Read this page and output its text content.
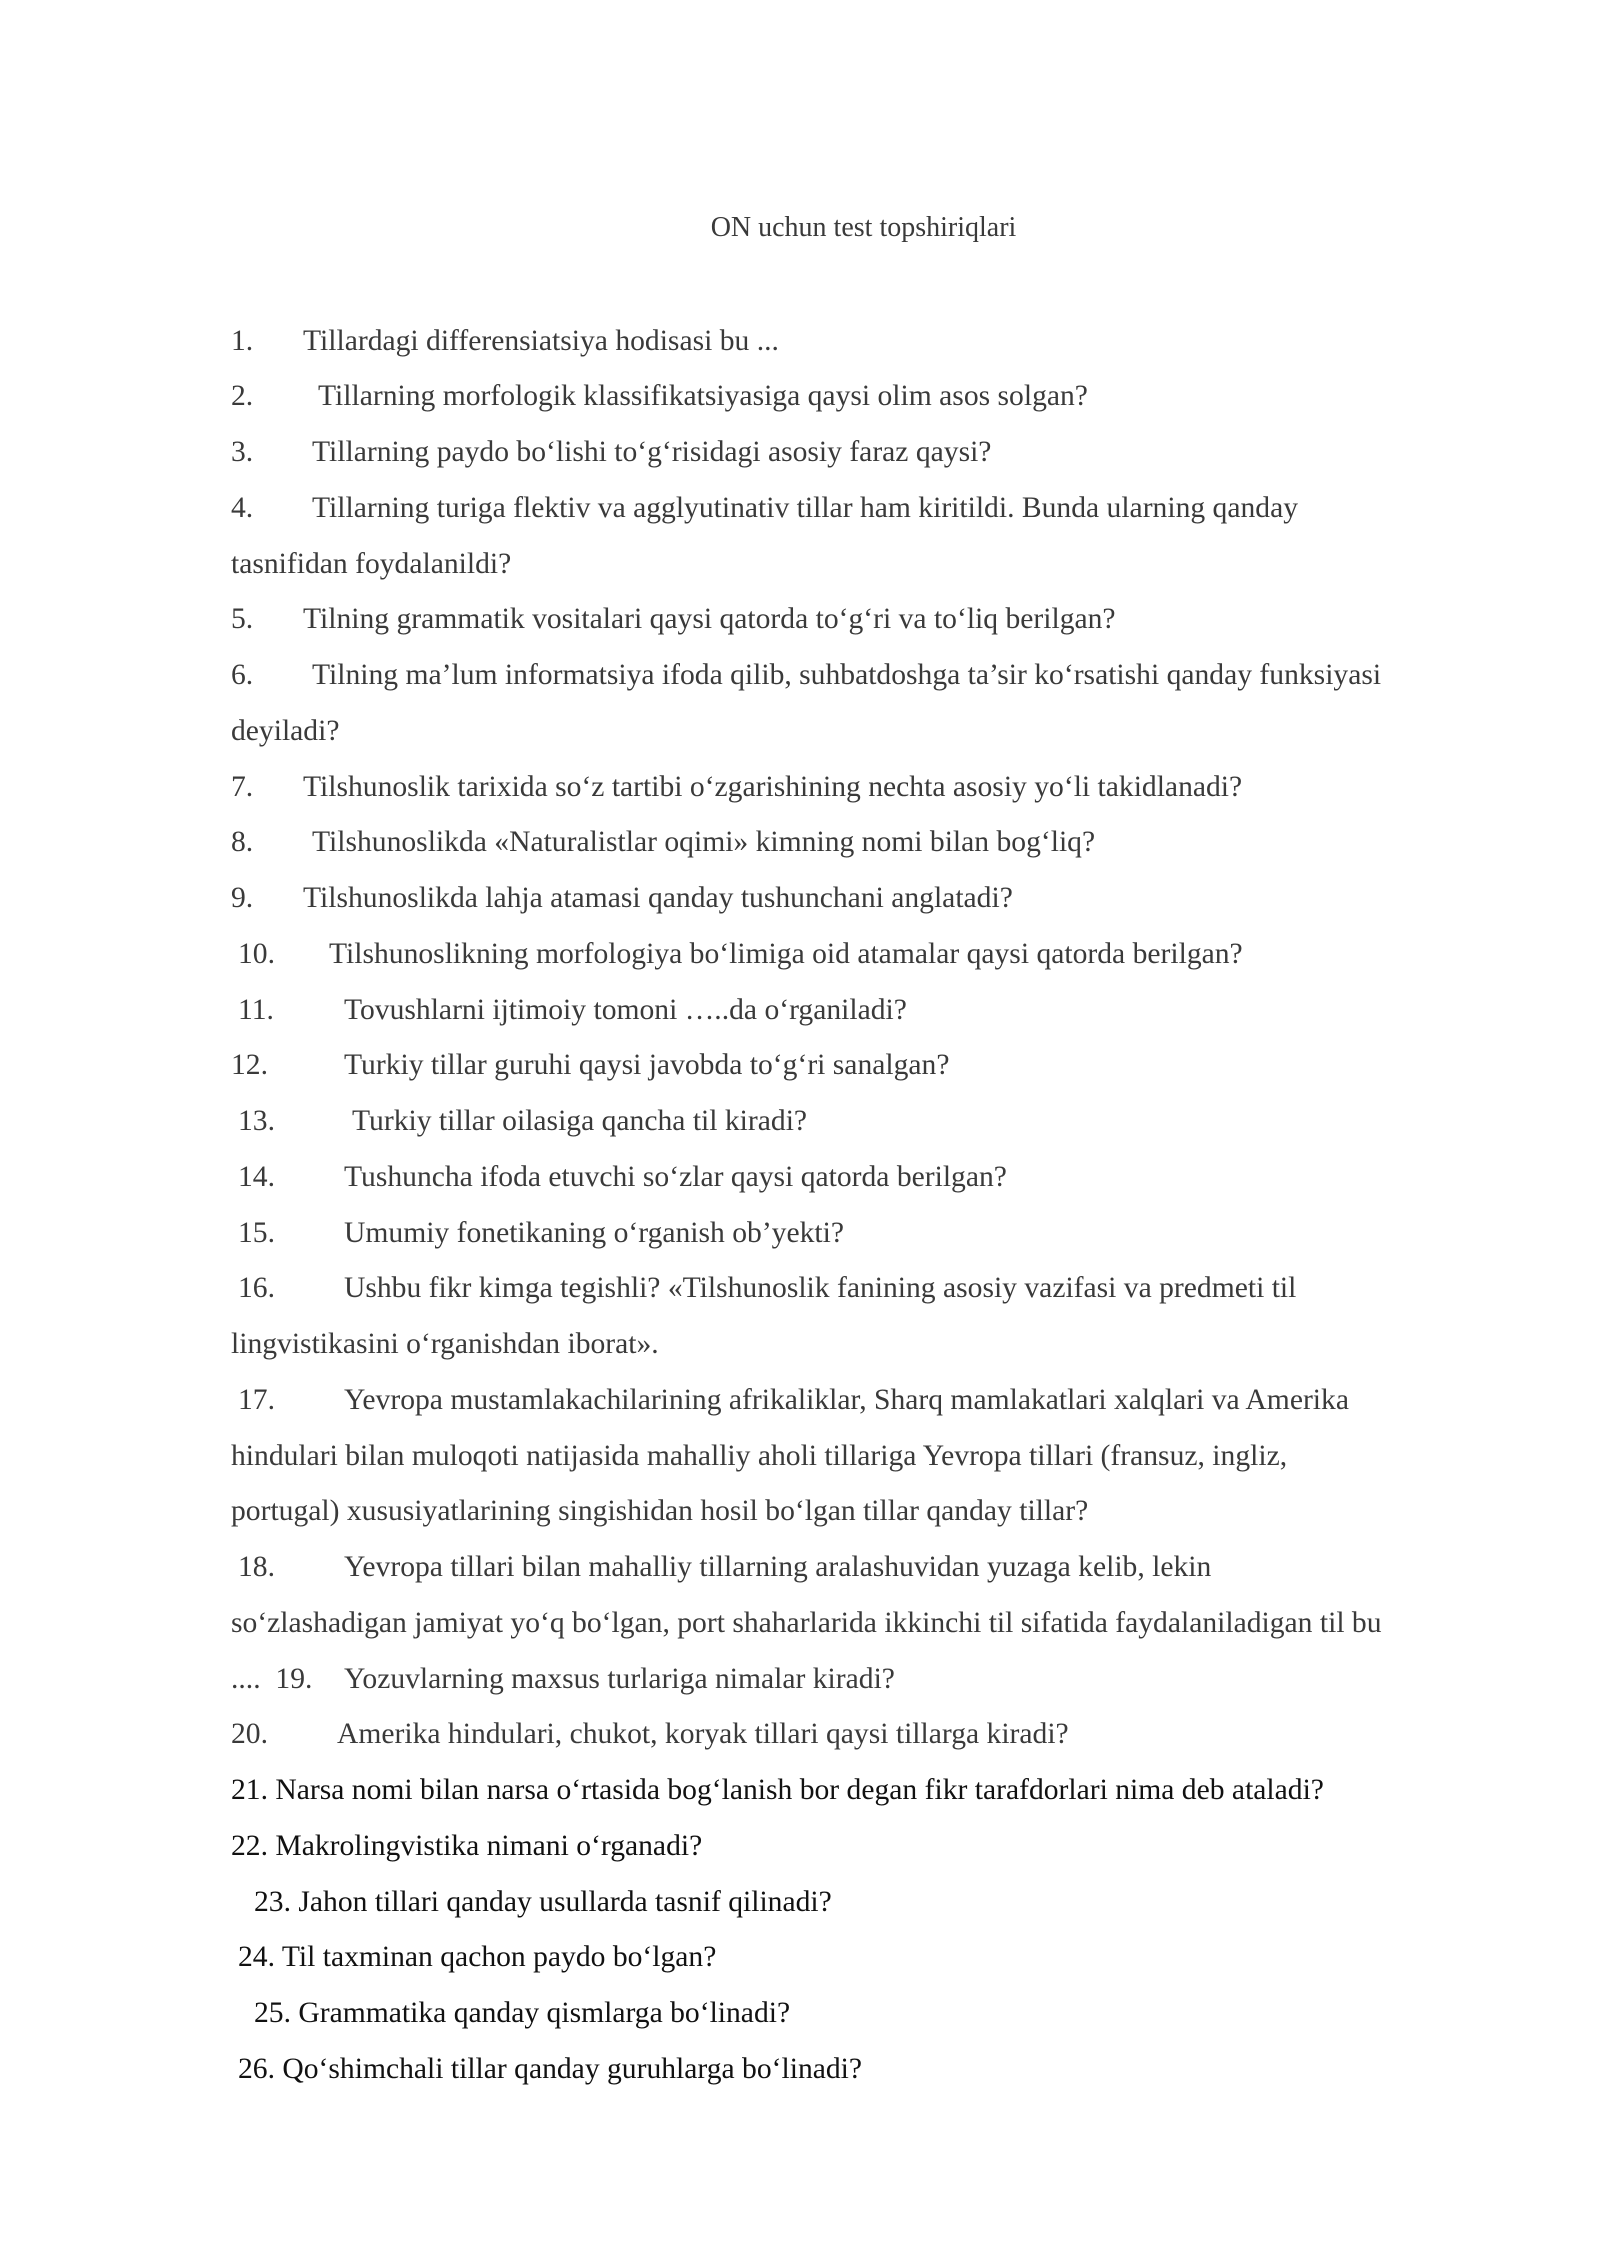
ON uchun test topshiriqlari
1. Tillardagi differensiatsiya hodisasi bu ...
2. Tillarning morfologik klassifikatsiyasiga qaysi olim asos solgan?
3. Tillarning paydo bo‘lishi to‘g‘risidagi asosiy faraz qaysi?
4. Tillarning turiga flektiv va agglyutinativ tillar ham kiritildi. Bunda ularning qanday
tasnifidan foydalanildi?
5. Tilning grammatik vositalari qaysi qatorda to‘g‘ri va to‘liq berilgan?
6. Tilning ma’lum informatsiya ifoda qilib, suhbatdoshga ta’sir ko‘rsatishi qanday funksiyasi
deyiladi?
7. Tilshunoslik tarixida so‘z tartibi o‘zgarishining nechta asosiy yo‘li takidlanadi?
8. Tilshunoslikda «Naturalistlar oqimi» kimning nomi bilan bog‘liq?
9. Tilshunoslikda lahja atamasi qanday tushunchani anglatadi?
10. Tilshunoslikning morfologiya bo‘limiga oid atamalar qaysi qatorda berilgan?
11. Tovushlarni ijtimoiy tomoni …..da o‘rganiladi?
12.	Turkiy tillar guruhi qaysi javobda to‘g‘ri sanalgan?
13.	Turkiy tillar oilasiga qancha til kiradi?
14. Tushuncha ifoda etuvchi so‘zlar qaysi qatorda berilgan?
15. Umumiy fonetikaning o‘rganish ob’yekti?
16. Ushbu fikr kimga tegishli? «Tilshunoslik fanining asosiy vazifasi va predmeti til
lingvistikasini o‘rganishdan iborat».
17. Yevropa mustamlakachilarining afrikaliklar, Sharq mamlakatlari xalqlari va Amerika
hindulari bilan muloqoti natijasida mahalliy aholi tillariga Yevropa tillari (fransuz, ingliz,
portugal) xususiyatlarining singishidan hosil bo‘lgan tillar qanday tillar?
18. Yevropa tillari bilan mahalliy tillarning aralashuvidan yuzaga kelib, lekin
so‘zlashadigan jamiyat yo‘q bo‘lgan, port shaharlarida ikkinchi til sifatida faydalaniladigan til bu
....  19. Yozuvlarning maxsus turlariga nimalar kiradi?
20. Amerika hindulari, chukot, koryak tillari qaysi tillarga kiradi?
21. Narsa nomi bilan narsa o‘rtasida bog‘lanish bor degan fikr tarafdorlari nima deb ataladi?
22. Makrolingvistika nimani o‘rganadi?
23. Jahon tillari qanday usullarda tasnif qilinadi?
24. Til taxminan qachon paydo bo‘lgan?
25. Grammatika qanday qismlarga bo‘linadi?
26. Qo‘shimchali tillar qanday guruhlarga bo‘linadi?
